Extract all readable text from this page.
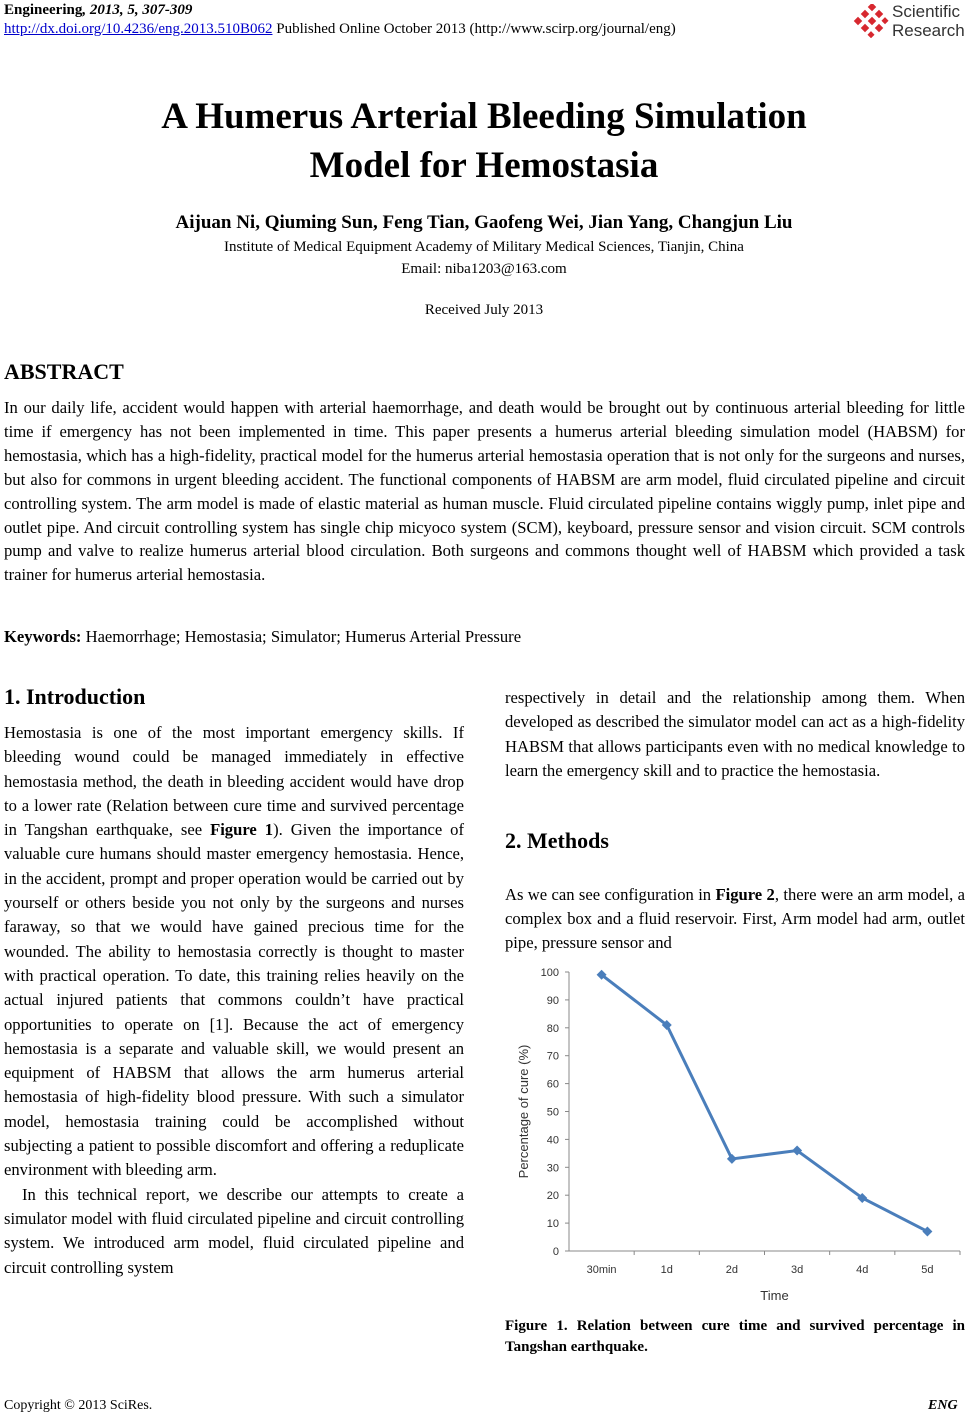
Engineering, 2013, 5, 307-309
http://dx.doi.org/10.4236/eng.2013.510B062 Published Online October 2013 (http://www.scirp.org/journal/eng)
Scientific
Research
A Humerus Arterial Bleeding Simulation
Model for Hemostasia
Aijuan Ni, Qiuming Sun, Feng Tian, Gaofeng Wei, Jian Yang, Changjun Liu
Institute of Medical Equipment Academy of Military Medical Sciences, Tianjin, China
Email: niba1203@163.com
Received July 2013
ABSTRACT
In our daily life, accident would happen with arterial haemorrhage, and death would be brought out by continuous arterial bleeding for little time if emergency has not been implemented in time. This paper presents a humerus arterial bleeding simulation model (HABSM) for hemostasia, which has a high-fidelity, practical model for the humerus arterial hemostasia operation that is not only for the surgeons and nurses, but also for commons in urgent bleeding accident. The functional components of HABSM are arm model, fluid circulated pipeline and circuit controlling system. The arm model is made of elastic material as human muscle. Fluid circulated pipeline contains wiggly pump, inlet pipe and outlet pipe. And circuit controlling system has single chip micyoco system (SCM), keyboard, pressure sensor and vision circuit. SCM controls pump and valve to realize humerus arterial blood circulation. Both surgeons and commons thought well of HABSM which provided a task trainer for humerus arterial hemostasia.
Keywords: Haemorrhage; Hemostasia; Simulator; Humerus Arterial Pressure
1. Introduction

Hemostasia is one of the most important emergency skills. If bleeding wound could be managed immediately in effective hemostasia method, the death in bleeding accident would have drop to a lower rate (Relation between cure time and survived percentage in Tangshan earthquake, see Figure 1). Given the importance of valuable cure humans should master emergency hemostasia. Hence, in the accident, prompt and proper operation would be carried out by yourself or others beside you not only by the surgeons and nurses faraway, so that we would have gained precious time for the wounded. The ability to hemostasia correctly is thought to master with practical operation. To date, this training relies heavily on the actual injured patients that commons couldn’t have practical opportunities to operate on [1]. Because the act of emergency hemostasia is a separate and valuable skill, we would present an equipment of HABSM that allows the arm humerus arterial hemostasia of high-fidelity blood pressure. With such a simulator model, hemostasia training could be accomplished without subjecting a patient to possible discomfort and offering a reduplicate environment with bleeding arm.

In this technical report, we describe our attempts to create a simulator model with fluid circulated pipeline and circuit controlling system. We introduced arm model, fluid circulated pipeline and circuit controlling system

respectively in detail and the relationship among them. When developed as described the simulator model can act as a high-fidelity HABSM that allows participants even with no medical knowledge to learn the emergency skill and to practice the hemostasia.

2. Methods

As we can see configuration in Figure 2, there were an arm model, a complex box and a fluid reservoir. First, Arm model had arm, outlet pipe, pressure sensor and

0
10
20
30
40
50
60
70
80
90
100
30min	1d	2d	3d	4d	5d
Time
Percentage of cure (%)
Figure 1. Relation between cure time and survived percentage in Tangshan earthquake.
Copyright © 2013 SciRes.	ENG
